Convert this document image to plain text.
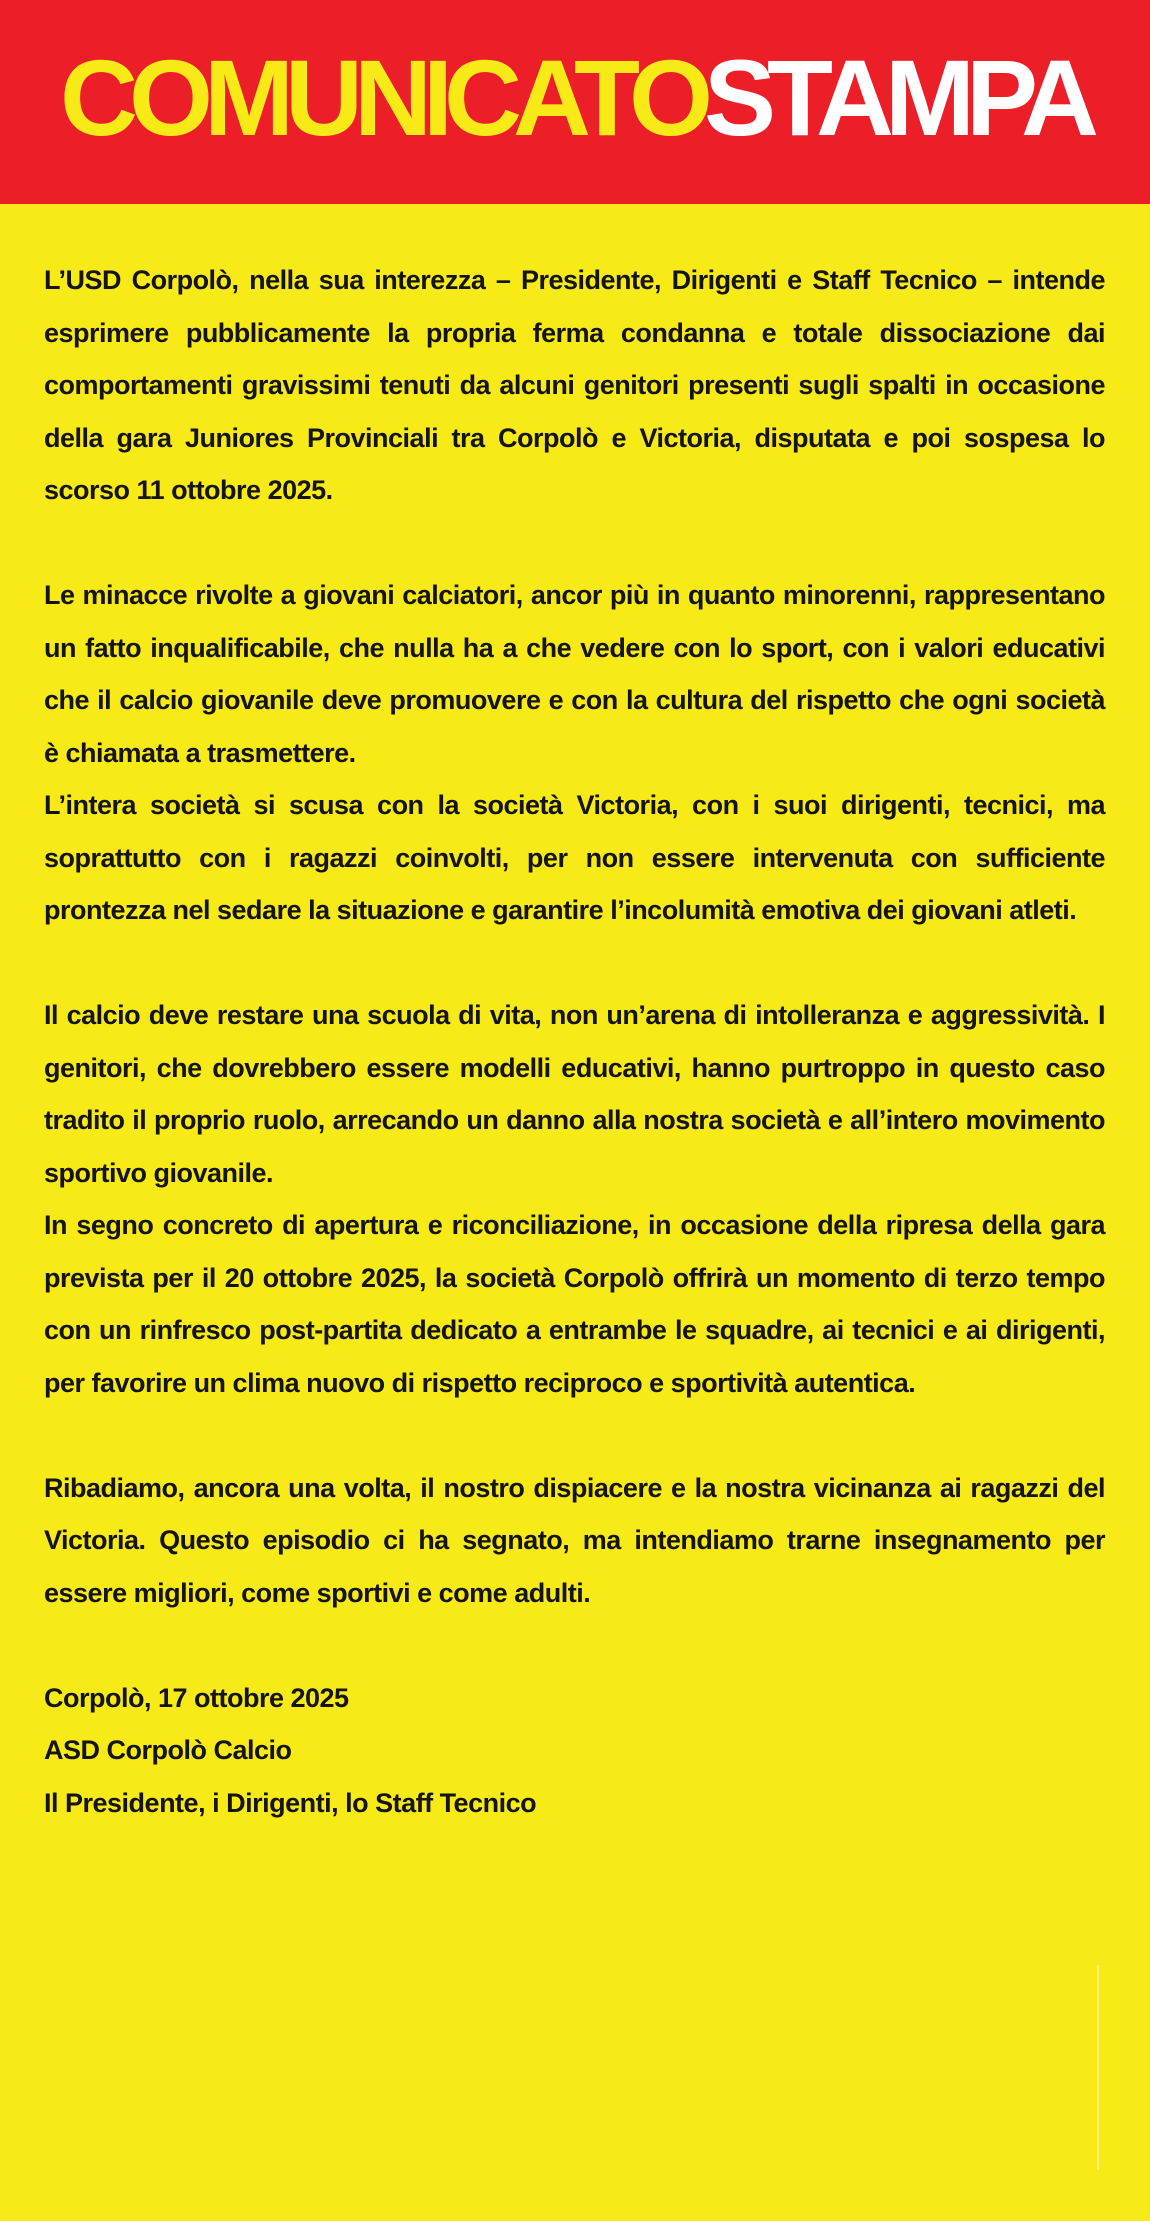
COMUNICATOSTAMPA

L’USD Corpolò, nella sua interezza – Presidente, Dirigenti e Staff Tecnico – intende esprimere pubblicamente la propria ferma condanna e totale dissociazione dai comportamenti gravissimi tenuti da alcuni genitori presenti sugli spalti in occasione della gara Juniores Provinciali tra Corpolò e Victoria, disputata e poi sospesa lo scorso 11 ottobre 2025.

Le minacce rivolte a giovani calciatori, ancor più in quanto minorenni, rappresentano un fatto inqualificabile, che nulla ha a che vedere con lo sport, con i valori educativi che il calcio giovanile deve promuovere e con la cultura del rispetto che ogni società è chiamata a trasmettere.

L’intera società si scusa con la società Victoria, con i suoi dirigenti, tecnici, ma soprattutto con i ragazzi coinvolti, per non essere intervenuta con sufficiente prontezza nel sedare la situazione e garantire l’incolumità emotiva dei giovani atleti.

Il calcio deve restare una scuola di vita, non un’arena di intolleranza e aggressività. I genitori, che dovrebbero essere modelli educativi, hanno purtroppo in questo caso tradito il proprio ruolo, arrecando un danno alla nostra società e all’intero movimento sportivo giovanile.

In segno concreto di apertura e riconciliazione, in occasione della ripresa della gara prevista per il 20 ottobre 2025, la società Corpolò offrirà un momento di terzo tempo con un rinfresco post-partita dedicato a entrambe le squadre, ai tecnici e ai dirigenti, per favorire un clima nuovo di rispetto reciproco e sportività autentica.

Ribadiamo, ancora una volta, il nostro dispiacere e la nostra vicinanza ai ragazzi del Victoria. Questo episodio ci ha segnato, ma intendiamo trarne insegnamento per essere migliori, come sportivi e come adulti.

Corpolò, 17 ottobre 2025

ASD Corpolò Calcio

Il Presidente, i Dirigenti, lo Staff Tecnico
